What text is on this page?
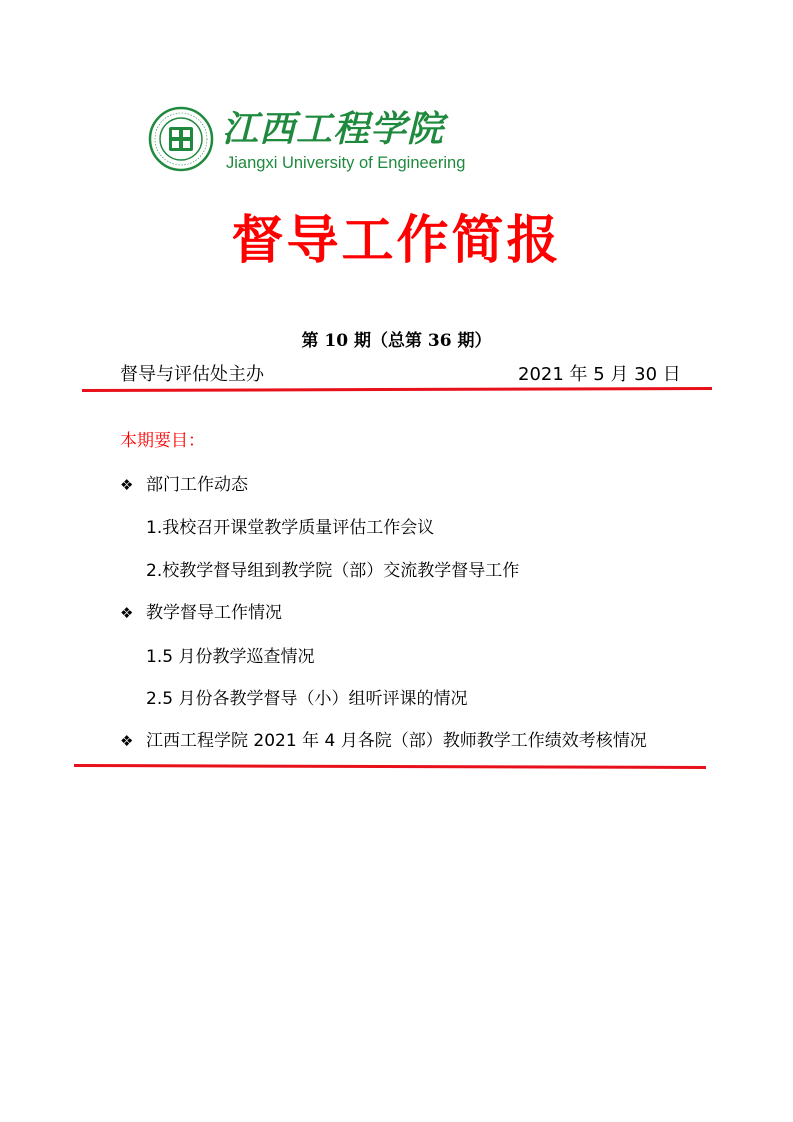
江西工程学院
Jiangxi University of Engineering
督导工作简报
第 10 期（总第 36 期）
督导与评估处主办	2021 年 5 月 30 日
本期要目：
❖ 部门工作动态
1.我校召开课堂教学质量评估工作会议
2.校教学督导组到教学院（部）交流教学督导工作
❖ 教学督导工作情况
1.5 月份教学巡查情况
2.5 月份各教学督导（小）组听评课的情况
❖ 江西工程学院 2021 年 4 月各院（部）教师教学工作绩效考核情况
